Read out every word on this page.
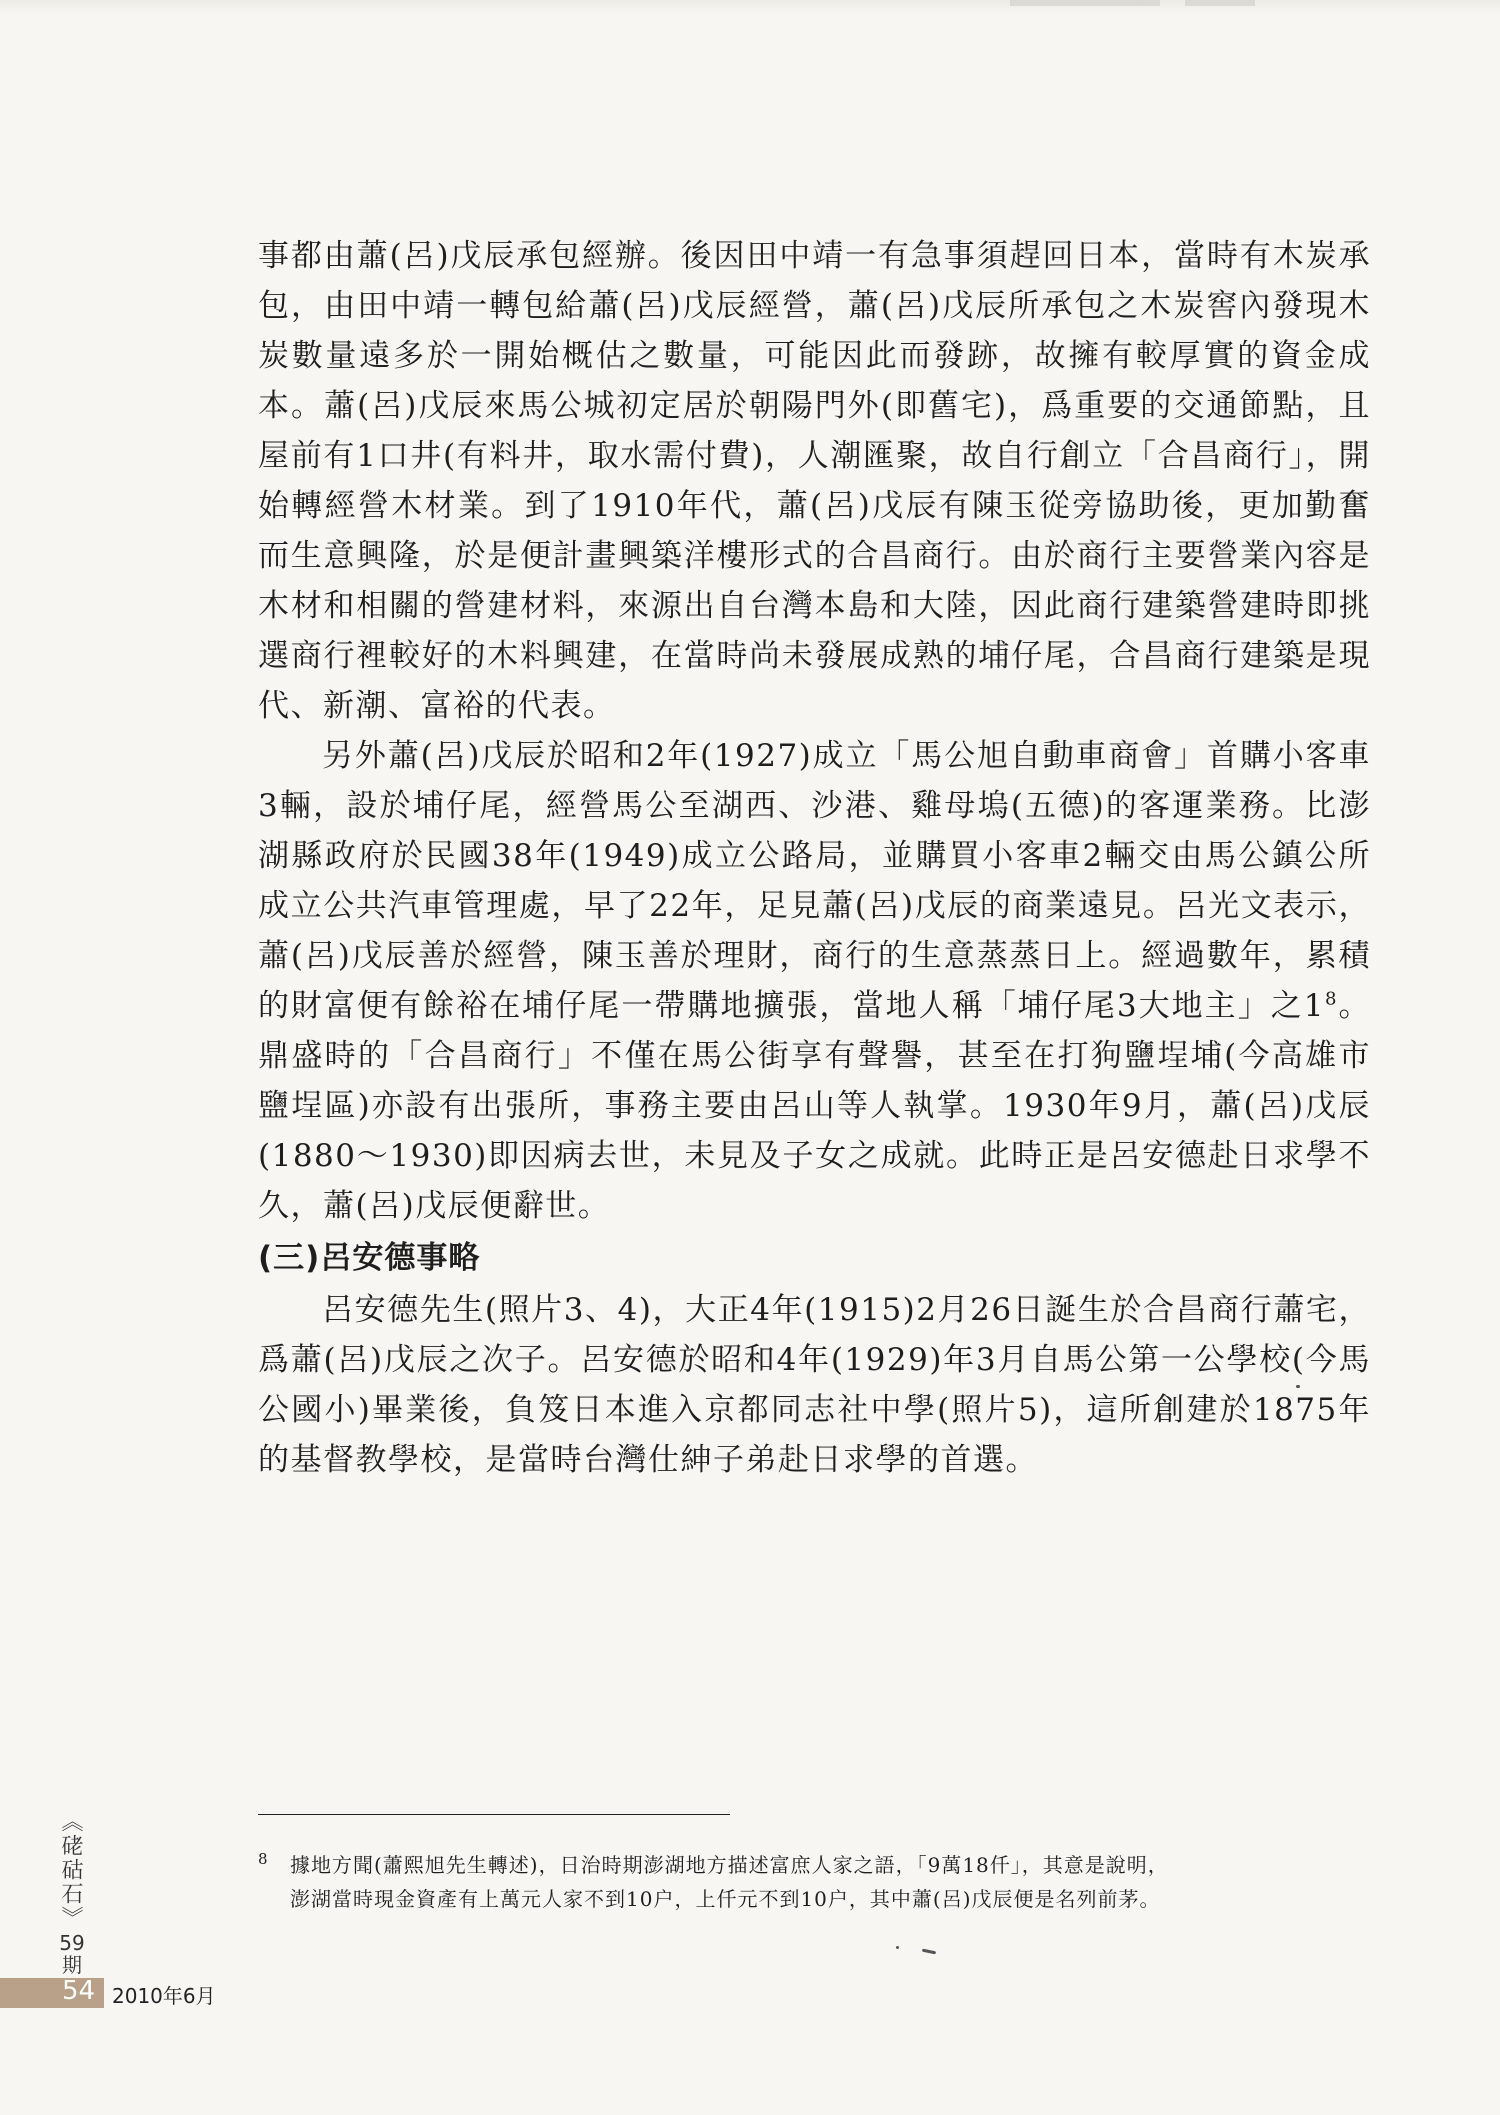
事都由蕭(呂)戊辰承包經辦。後因田中靖一有急事須趕回日本，當時有木炭承包，由田中靖一轉包給蕭(呂)戊辰經營，蕭(呂)戊辰所承包之木炭窖內發現木炭數量遠多於一開始概估之數量，可能因此而發跡，故擁有較厚實的資金成本。蕭(呂)戊辰來馬公城初定居於朝陽門外(即舊宅)，爲重要的交通節點，且屋前有1口井(有料井，取水需付費)，人潮匯聚，故自行創立「合昌商行」，開始轉經營木材業。到了1910年代，蕭(呂)戊辰有陳玉從旁協助後，更加勤奮而生意興隆，於是便計畫興築洋樓形式的合昌商行。由於商行主要營業內容是木材和相關的營建材料，來源出自台灣本島和大陸，因此商行建築營建時即挑選商行裡較好的木料興建，在當時尚未發展成熟的埔仔尾，合昌商行建築是現代、新潮、富裕的代表。

另外蕭(呂)戊辰於昭和2年(1927)成立「馬公旭自動車商會」首購小客車3輛，設於埔仔尾，經營馬公至湖西、沙港、雞母塢(五德)的客運業務。比澎湖縣政府於民國38年(1949)成立公路局，並購買小客車2輛交由馬公鎮公所成立公共汽車管理處，早了22年，足見蕭(呂)戊辰的商業遠見。呂光文表示，蕭(呂)戊辰善於經營，陳玉善於理財，商行的生意蒸蒸日上。經過數年，累積的財富便有餘裕在埔仔尾一帶購地擴張，當地人稱「埔仔尾3大地主」之1$^8$。鼎盛時的「合昌商行」不僅在馬公街享有聲譽，甚至在打狗鹽埕埔(今高雄市鹽埕區)亦設有出張所，事務主要由呂山等人執掌。1930年9月，蕭(呂)戊辰(1880～1930)即因病去世，未見及子女之成就。此時正是呂安德赴日求學不久，蕭(呂)戊辰便辭世。

(三)呂安德事略

呂安德先生(照片3、4)，大正4年(1915)2月26日誕生於合昌商行蕭宅，爲蕭(呂)戊辰之次子。呂安德於昭和4年(1929)年3月自馬公第一公學校(今馬公國小)畢業後，負笈日本進入京都同志社中學(照片5)，這所創建於1875年的基督教學校，是當時台灣仕紳子弟赴日求學的首選。

8	據地方聞(蕭熙旭先生轉述)，日治時期澎湖地方描述富庶人家之語，「9萬18仟」，其意是說明，

澎湖當時現金資產有上萬元人家不到10户，上仟元不到10户，其中蕭(呂)戊辰便是名列前茅。

《硓𥑮石》
59
期
54 2010年6月
